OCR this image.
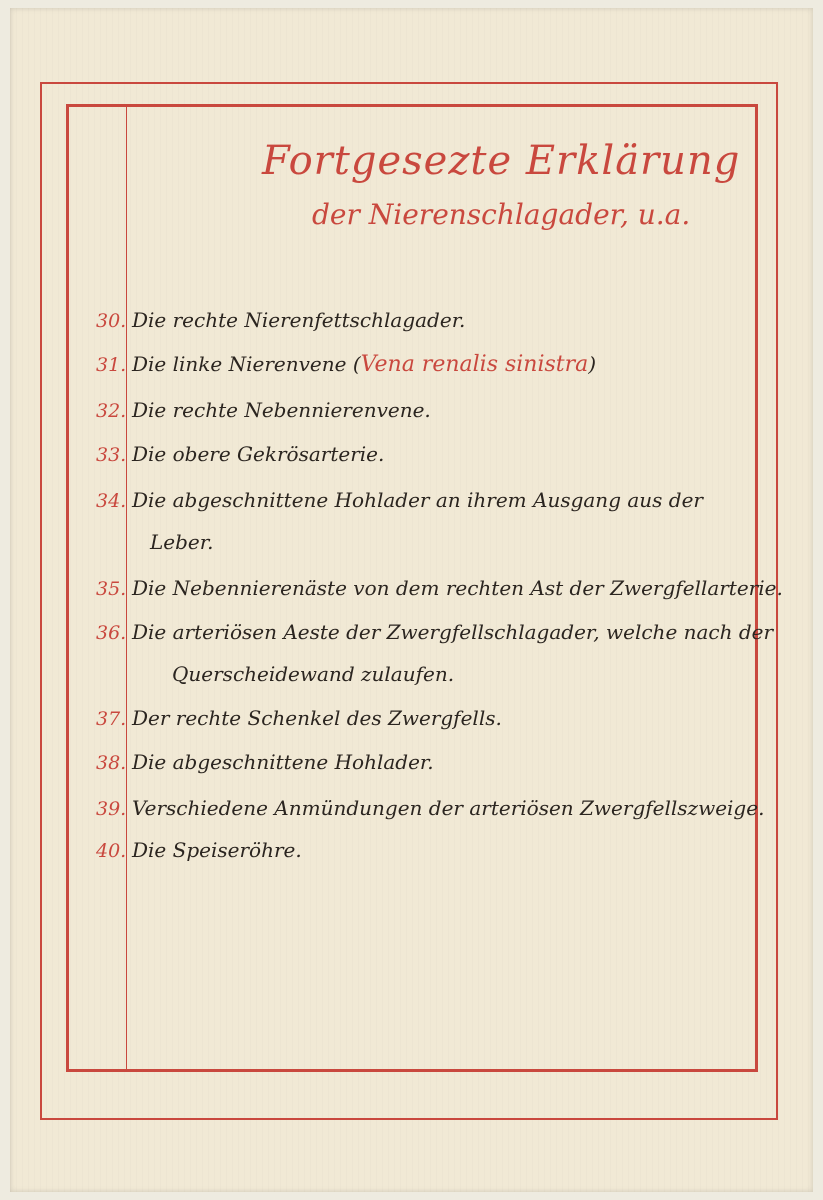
Fortgesezte Erklärung
der Nierenschlagader, u.a.
30. Die rechte Nierenfettschlagader.
31. Die linke Nierenvene (Vena renalis sinistra)
32. Die rechte Nebennierenvene.
33. Die obere Gekrösarterie.
34. Die abgeschnittene Hohlader an ihrem Ausgang aus der
Leber.
35. Die Nebennierenäste von dem rechten Ast der Zwergfellarterie.
36. Die arteriösen Aeste der Zwergfellschlagader, welche nach der
Querscheidewand zulaufen.
37. Der rechte Schenkel des Zwergfells.
38. Die abgeschnittene Hohlader.
39. Verschiedene Anmündungen der arteriösen Zwergfellszweige.
40. Die Speiseröhre.
